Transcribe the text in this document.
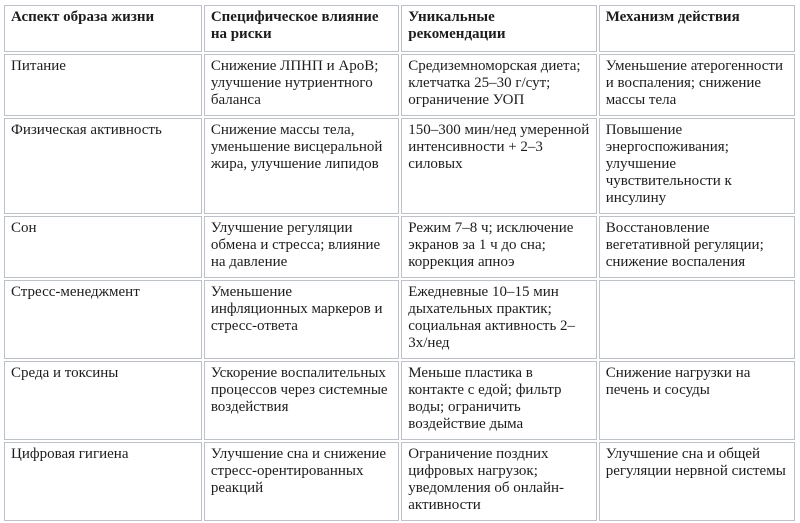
Аспект образа жизни	Специфическое влияние на риски	Уникальные рекомендации	Механизм действия
Питание	Снижение ЛПНП и ApoB; улучшение нутриентного баланса	Средиземноморская диета; клетчатка 25–30 г/сут; ограничение УОП	Уменьшение атерогенности и воспаления; снижение массы тела
Физическая активность	Снижение массы тела, уменьшение висцеральной жира, улучшение липидов	150–300 мин/нед умеренной интенсивности + 2–3 силовых	Повышение энергоспоживания; улучшение чувствительности к инсулину
Сон	Улучшение регуляции обмена и стресса; влияние на давление	Режим 7–8 ч; исключение экранов за 1 ч до сна; коррекция апноэ	Восстановление вегетативной регуляции; снижение воспаления
Стресс-менеджмент	Уменьшение инфляционных маркеров и стресс-ответа	Ежедневные 10–15 мин дыхательных практик; социальная активность 2–3х/нед	
Среда и токсины	Ускорение воспалительных процессов через системные воздействия	Меньше пластика в контакте с едой; фильтр воды; ограничить воздействие дыма	Снижение нагрузки на печень и сосуды
Цифровая гигиена	Улучшение сна и снижение стресс-орентированных реакций	Ограничение поздних цифровых нагрузок; уведомления об онлайн-активности	Улучшение сна и общей регуляции нервной системы
